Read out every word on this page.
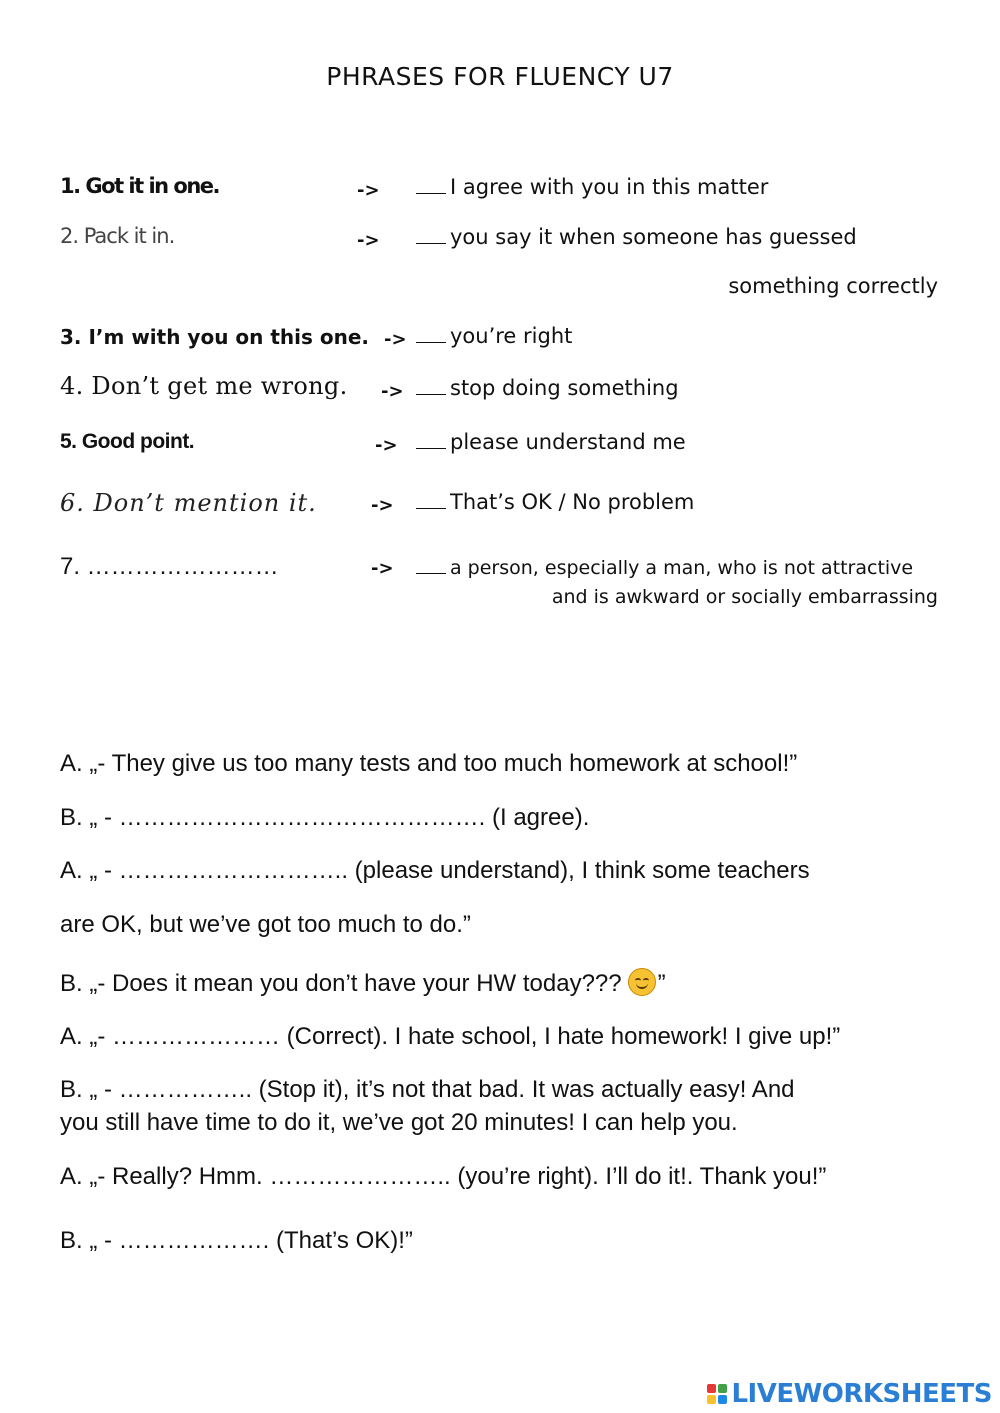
PHRASES FOR FLUENCY U7
1. Got it in one.
2. Pack it in.
3. I’m with you on this one.
4. Don’t get me wrong.
5. Good point.
6. Don’t mention it.
7. ……………………
->
->
->
->
->
->
->
I agree with you in this matter
you say it when someone has guessed
something correctly
you’re right
stop doing something
please understand me
That’s OK / No problem
a person, especially a man, who is not attractive
and is awkward or socially embarrassing
A. „- They give us too many tests and too much homework at school!”
B. „ - ………………………………………. (I agree).
A. „ - ……………………….. (please understand), I think some teachers
are OK, but we’ve got too much to do.”
B. „- Does it mean you don’t have your HW today??? ”
A. „- ………………… (Correct). I hate school, I hate homework! I give up!”
B. „ - …………….. (Stop it), it’s not that bad. It was actually easy! And
you still have time to do it, we’ve got 20 minutes! I can help you.
A. „- Really? Hmm. ………………….. (you’re right). I’ll do it!. Thank you!”
B. „ - ………………. (That’s OK)!”
LIVEWORKSHEETS
